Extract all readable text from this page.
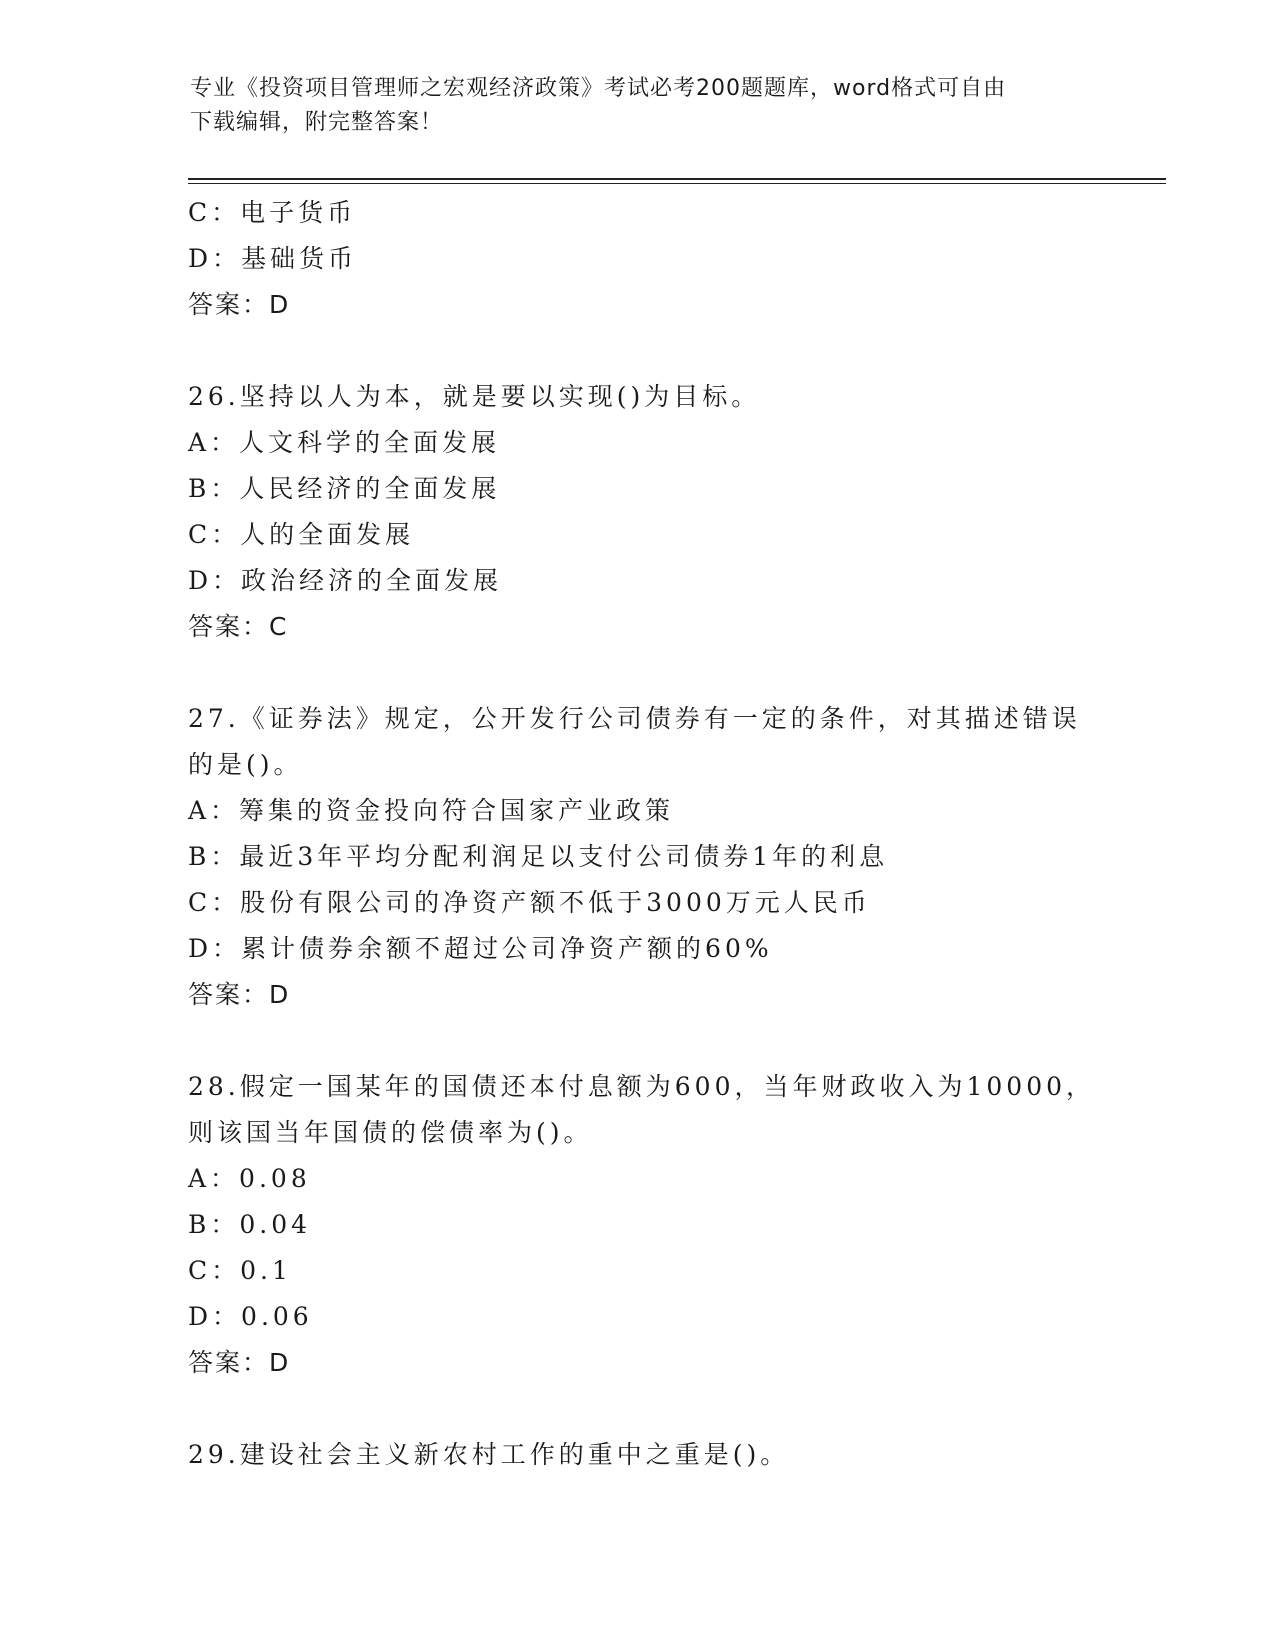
专业《投资项目管理师之宏观经济政策》考试必考200题题库，word格式可自由
下载编辑，附完整答案！
C：电子货币
D：基础货币
答案：D
26.坚持以人为本，就是要以实现()为目标。
A：人文科学的全面发展
B：人民经济的全面发展
C：人的全面发展
D：政治经济的全面发展
答案：C
27.《证券法》规定，公开发行公司债券有一定的条件，对其描述错误
的是()。
A：筹集的资金投向符合国家产业政策
B：最近3年平均分配利润足以支付公司债券1年的利息
C：股份有限公司的净资产额不低于3000万元人民币
D：累计债券余额不超过公司净资产额的60%
答案：D
28.假定一国某年的国债还本付息额为600，当年财政收入为10000，
则该国当年国债的偿债率为()。
A：0.08
B：0.04
C：0.1
D：0.06
答案：D
29.建设社会主义新农村工作的重中之重是()。
